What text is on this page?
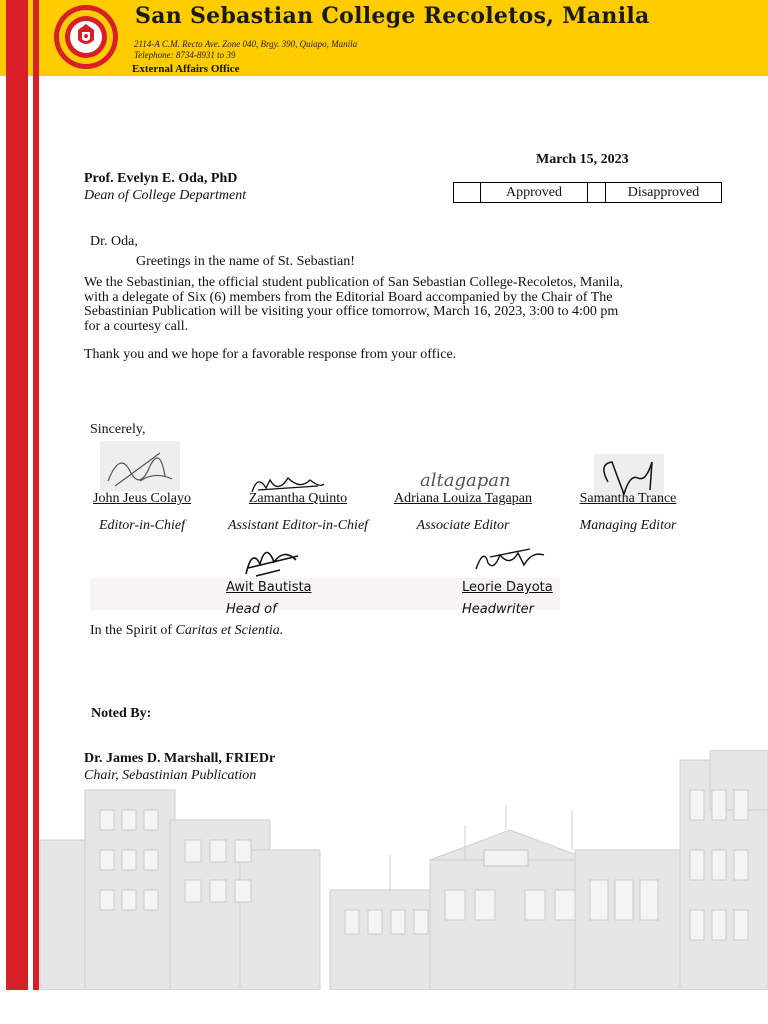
San Sebastian College Recoletos, Manila
2114-A C.M. Recto Ave. Zone 040, Brgy. 390, Quiapo, Manila
Telephone: 8734-8931 to 39
External Affairs Office
March 15, 2023
Approved	Disapproved
Prof. Evelyn E. Oda, PhD
Dean of College Department
Dr. Oda,
Greetings in the name of St. Sebastian!
We the Sebastinian, the official student publication of San Sebastian College-Recoletos, Manila, with a delegate of Six (6) members from the Editorial Board accompanied by the Chair of The Sebastinian Publication will be visiting your office tomorrow, March 16, 2023, 3:00 to 4:00 pm for a courtesy call.
Thank you and we hope for a favorable response from your office.
Sincerely,
altagapan
John Jeus Colayo
Editor-in-Chief
Zamantha Quinto
Assistant Editor-in-Chief
Adriana Louiza Tagapan
Associate Editor
Samantha Trance
Managing Editor
Awit Bautista
Head of
Leorie Dayota
Headwriter
In the Spirit of Caritas et Scientia.
Noted By:
Dr. James D. Marshall, FRIEDr
Chair, Sebastinian Publication
